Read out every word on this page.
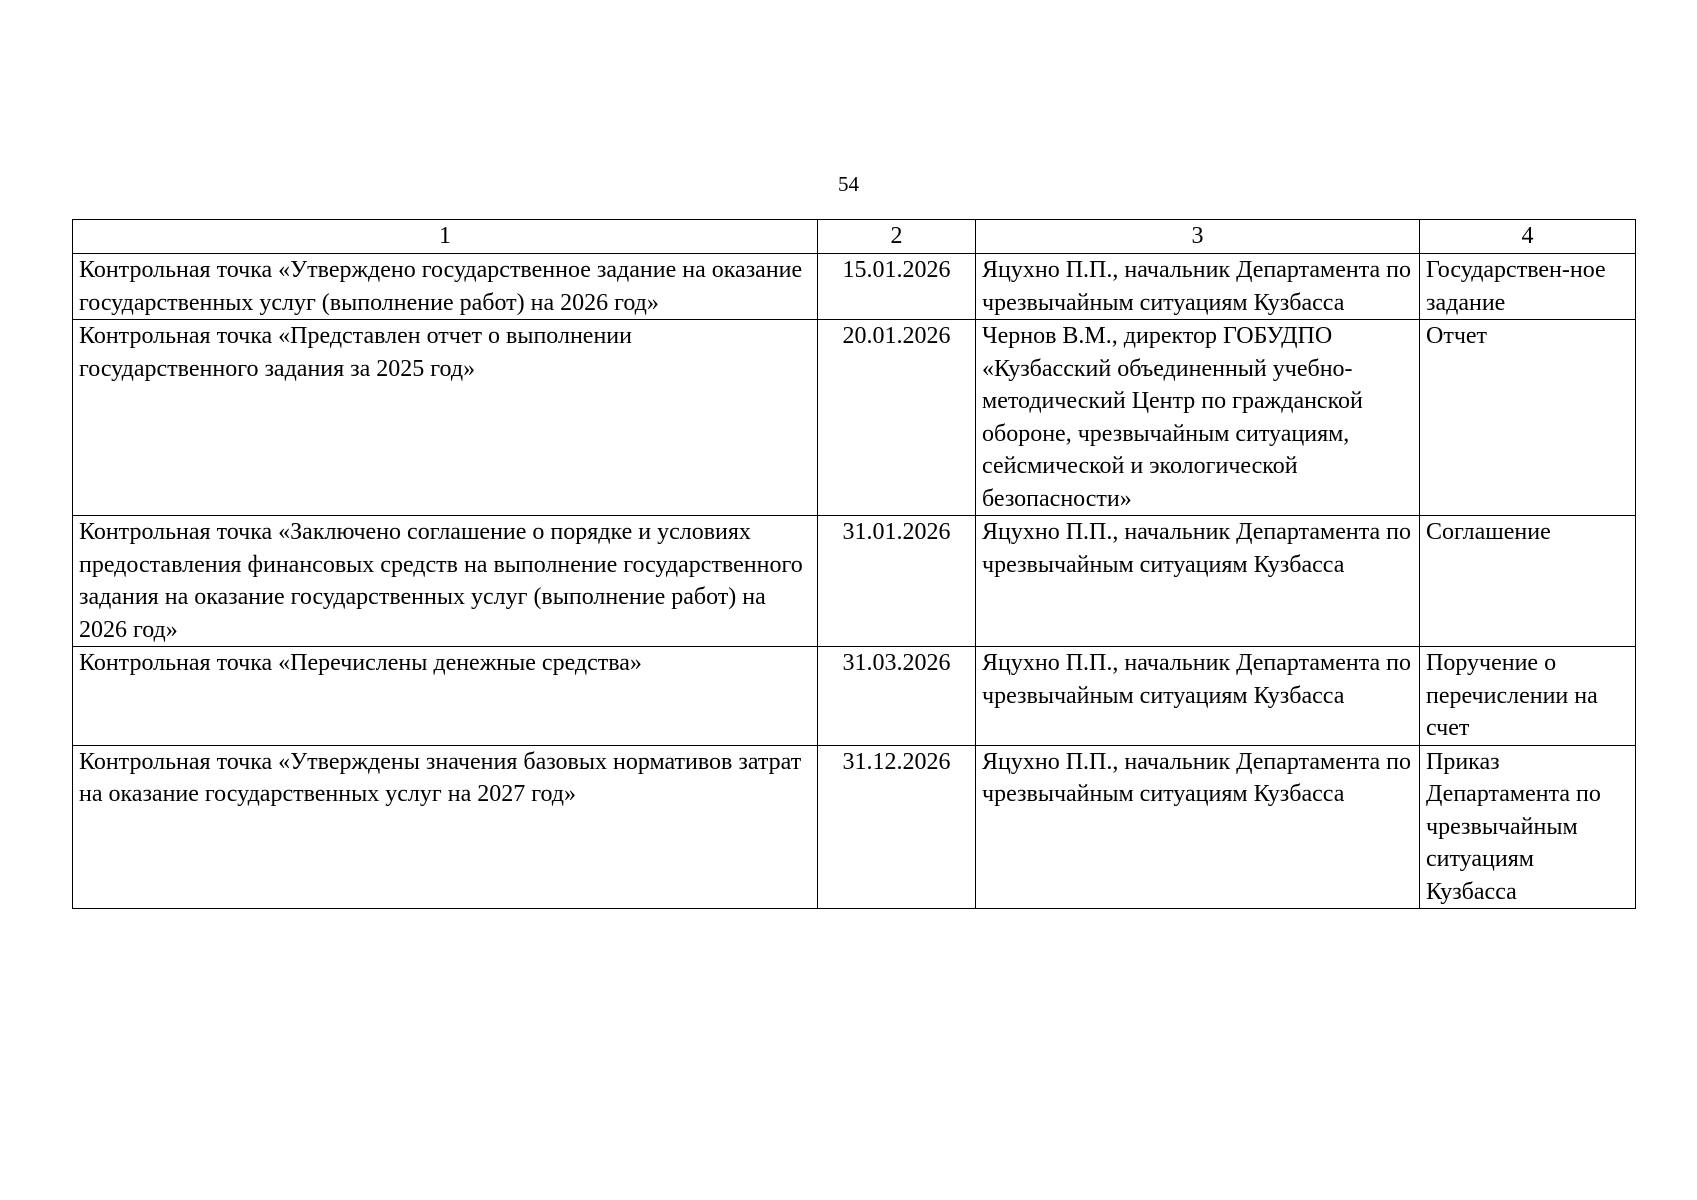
54
1	2	3	4
Контрольная точка «Утверждено государственное задание на оказание государственных услуг (выполнение работ) на 2026 год»	15.01.2026	Яцухно П.П., начальник Департамента по чрезвычайным ситуациям Кузбасса	Государствен-ное задание
Контрольная точка «Представлен отчет о выполнении государственного задания за 2025 год»	20.01.2026	Чернов В.М., директор ГОБУДПО «Кузбасский объединенный учебно-методический Центр по гражданской обороне, чрезвычайным ситуациям, сейсмической и экологической безопасности»	Отчет
Контрольная точка «Заключено соглашение о порядке и условиях предоставления финансовых средств на выполнение государственного задания на оказание государственных услуг (выполнение работ) на 2026 год»	31.01.2026	Яцухно П.П., начальник Департамента по чрезвычайным ситуациям Кузбасса	Соглашение
Контрольная точка «Перечислены денежные средства»	31.03.2026	Яцухно П.П., начальник Департамента по чрезвычайным ситуациям Кузбасса	Поручение о перечислении на счет
Контрольная точка «Утверждены значения базовых нормативов затрат на оказание государственных услуг на 2027 год»	31.12.2026	Яцухно П.П., начальник Департамента по чрезвычайным ситуациям Кузбасса	Приказ Департамента по чрезвычайным ситуациям Кузбасса
